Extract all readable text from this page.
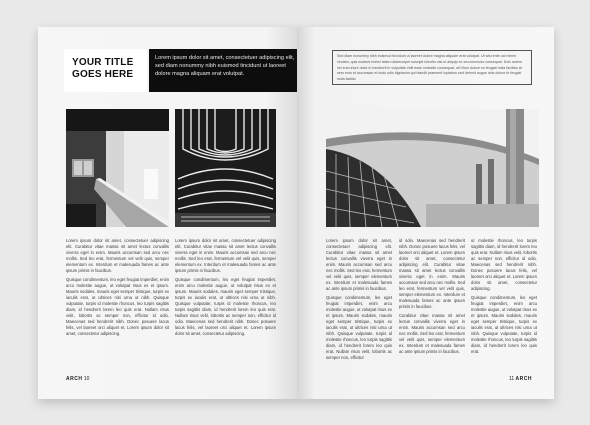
YOUR TITLE
GOES HERE
Lorem ipsum dolor sit amet, consectetuer adipiscing elit, sed diam nonummy nibh euismod tincidunt ut laoreet dolore magna aliquam erat volutpat.

Lorem ipsum dolor sit amet, consectetuer adipiscing elit. Curabitur vitae massa sit amet lectus convallis viverra eget in enim. Mauris accumsan sed arcu nec mollis. Sed leo erat, fermentum vel velit quis, semper elementum ex. Interdum et malesuada fames ac ante ipsum primis in faucibus.

Quisque condimentum, leo eget feugiat imperdiet, enim arcu molestie augue, ut volutpat risus ex et ipsum. Mauris sodales, mauris eget semper tristique, turpis ex iaculis erat, ut ultrices nisi urna ut nibh. Quisque vulputate, turpis id molestie rhoncus, leo turpis sagittis diam, id hendrerit lorem leo quis erat. Nullam risus velit, lobortis ac semper non, efficitur id odio. Maecenas sed hendrerit nibh. Donec posuere lacus felis, vel laoreet orci aliquet et. Lorem ipsum dolor sit amet, consectetur adipiscing.

Lorem ipsum dolor sit amet, consectetuer adipiscing elit. Curabitur vitae massa sit amet lectus convallis viverra eget in enim. Mauris accumsan sed arcu nec mollis. Sed leo erat, fermentum vel velit quis, semper elementum ex. Interdum et malesuada fames ac ante ipsum primis in faucibus.

Quisque condimentum, leo eget feugiat imperdiet, enim arcu molestie augue, ut volutpat risus ex et ipsum. Mauris sodales, mauris eget semper tristique, turpis ex iaculis erat, ut ultrices nisi urna ut nibh. Quisque vulputate, turpis id molestie rhoncus, leo turpis sagittis diam, id hendrerit lorem leo quis erat. Nullam risus velit, lobortis ac semper non, efficitur id odio. Maecenas sed hendrerit nibh. Donec posuere lacus felis, vel laoreet orci aliquet et. Lorem ipsum dolor sit amet, consectetur adipiscing.

ARCH 10
Sed diam nonummy nibh euismod tincidunt ut laoreet dolore magna aliquam erat volutpat. Ut wisi enim ad minim veniam, quis nostrud exerci tation ullamcorper suscipit lobortis nisl ut aliquip ex ea commodo consequat. Duis autem vel eum iriure dolor in hendrerit in vulputate velit esse molestie consequat, vel illum dolore eu feugiat nulla facilisis at vero eros et accumsan et iusto odio dignissim qui blandit praesent luptatum zzril delenit augue duis dolore te feugait nulla facilisi.

Lorem ipsum dolor sit amet, consectetuer adipiscing elit. Curabitur vitae massa sit amet lectus convallis viverra eget in enim. Mauris accumsan sed arcu nec mollis. Sed leo erat, fermentum vel velit quis, semper elementum ex. Interdum et malesuada fames ac ante ipsum primis in faucibus.

Quisque condimentum, leo eget feugiat imperdiet, enim arcu molestie augue, ut volutpat risus ex et ipsum. Mauris sodales, mauris eget semper tristique, turpis ex iaculis erat, ut ultrices nisi urna ut nibh. Quisque vulputate, turpis id molestie rhoncus, leo turpis sagittis diam, id hendrerit lorem leo quis erat. Nullam risus velit, lobortis ac semper non, efficitur

id odio. Maecenas sed hendrerit nibh. Donec posuere lacus felis, vel laoreet orci aliquet et. Lorem ipsum dolor sit amet, consectetur adipiscing elit. Curabitur vitae massa sit amet lectus convallis viverra eget in enim. Mauris accumsan sed arcu nec mollis. Sed leo erat, fermentum vel velit quis, semper elementum ex. Interdum et malesuada fames ac ante ipsum primis in faucibus.

Curabitur vitae massa sit amet lectus convallis viverra eget in enim. Mauris accumsan sed arcu nec mollis. Sed leo erat, fermentum vel velit quis, semper elementum ex. Interdum et malesuada fames ac ante ipsum primis in faucibus.

ut molestie rhoncus, leo turpis sagittis diam, id hendrerit lorem leo quis erat. Nullam risus velit, lobortis ac semper non, efficitur id odio. Maecenas sed hendrerit nibh. Donec posuere lacus felis, vel laoreet orci aliquet et. Lorem ipsum dolor sit amet, consectetur adipiscing.

Quisque condimentum, leo eget feugiat imperdiet, enim arcu molestie augue, ut volutpat risus ex et ipsum. Mauris sodales, mauris eget semper tristique, turpis ex iaculis erat, ut ultrices nisi urna ut nibh. Quisque vulputate, turpis id molestie rhoncus, leo turpis sagittis diam, id hendrerit lorem leo quis erat.

11 ARCH
